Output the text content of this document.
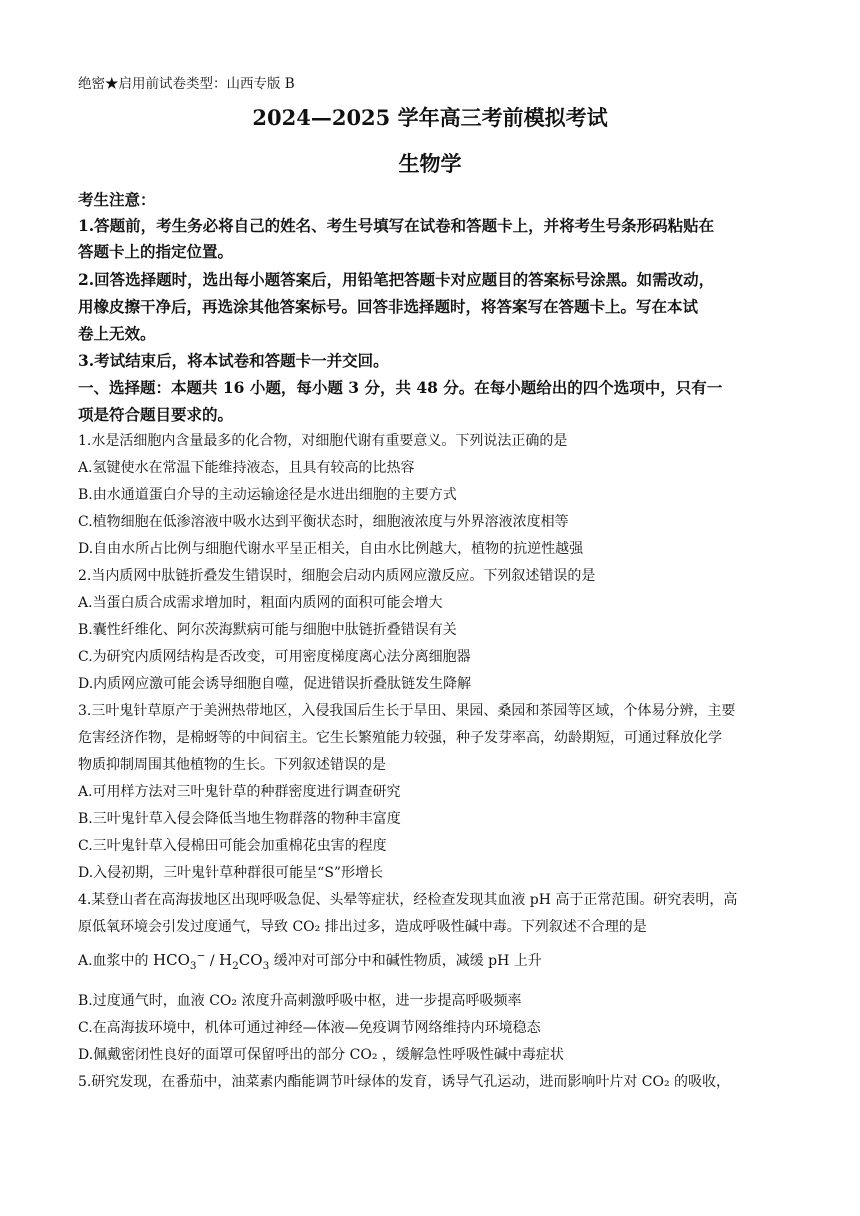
绝密★启用前试卷类型：山西专版 B
2024—2025 学年高三考前模拟考试
生物学
考生注意：
1.答题前，考生务必将自己的姓名、考生号填写在试卷和答题卡上，并将考生号条形码粘贴在
答题卡上的指定位置。
2.回答选择题时，选出每小题答案后，用铅笔把答题卡对应题目的答案标号涂黑。如需改动，
用橡皮擦干净后，再选涂其他答案标号。回答非选择题时，将答案写在答题卡上。写在本试
卷上无效。
3.考试结束后，将本试卷和答题卡一并交回。
一、选择题：本题共 16 小题，每小题 3 分，共 48 分。在每小题给出的四个选项中，只有一
项是符合题目要求的。
1.水是活细胞内含量最多的化合物，对细胞代谢有重要意义。下列说法正确的是
A.氢键使水在常温下能维持液态，且具有较高的比热容
B.由水通道蛋白介导的主动运输途径是水进出细胞的主要方式
C.植物细胞在低渗溶液中吸水达到平衡状态时，细胞液浓度与外界溶液浓度相等
D.自由水所占比例与细胞代谢水平呈正相关，自由水比例越大，植物的抗逆性越强
2.当内质网中肽链折叠发生错误时，细胞会启动内质网应激反应。下列叙述错误的是
A.当蛋白质合成需求增加时，粗面内质网的面积可能会增大
B.囊性纤维化、阿尔茨海默病可能与细胞中肽链折叠错误有关
C.为研究内质网结构是否改变，可用密度梯度离心法分离细胞器
D.内质网应激可能会诱导细胞自噬，促进错误折叠肽链发生降解
3.三叶鬼针草原产于美洲热带地区，入侵我国后生长于旱田、果园、桑园和茶园等区域，个体易分辨，主要
危害经济作物，是棉蚜等的中间宿主。它生长繁殖能力较强，种子发芽率高，幼龄期短，可通过释放化学
物质抑制周围其他植物的生长。下列叙述错误的是
A.可用样方法对三叶鬼针草的种群密度进行调查研究
B.三叶鬼针草入侵会降低当地生物群落的物种丰富度
C.三叶鬼针草入侵棉田可能会加重棉花虫害的程度
D.入侵初期，三叶鬼针草种群很可能呈“S”形增长
4.某登山者在高海拔地区出现呼吸急促、头晕等症状，经检查发现其血液 pH 高于正常范围。研究表明，高
原低氧环境会引发过度通气，导致 CO₂ 排出过多，造成呼吸性碱中毒。下列叙述不合理的是
A.血浆中的 $HCO_3^- / H_2CO_3$ 缓冲对可部分中和碱性物质，减缓 pH 上升
B.过度通气时，血液 CO₂ 浓度升高刺激呼吸中枢，进一步提高呼吸频率
C.在高海拔环境中，机体可通过神经—体液—免疫调节网络维持内环境稳态
D.佩戴密闭性良好的面罩可保留呼出的部分 CO₂ ，缓解急性呼吸性碱中毒症状
5.研究发现，在番茄中，油菜素内酯能调节叶绿体的发育，诱导气孔运动，进而影响叶片对 CO₂ 的吸收，
